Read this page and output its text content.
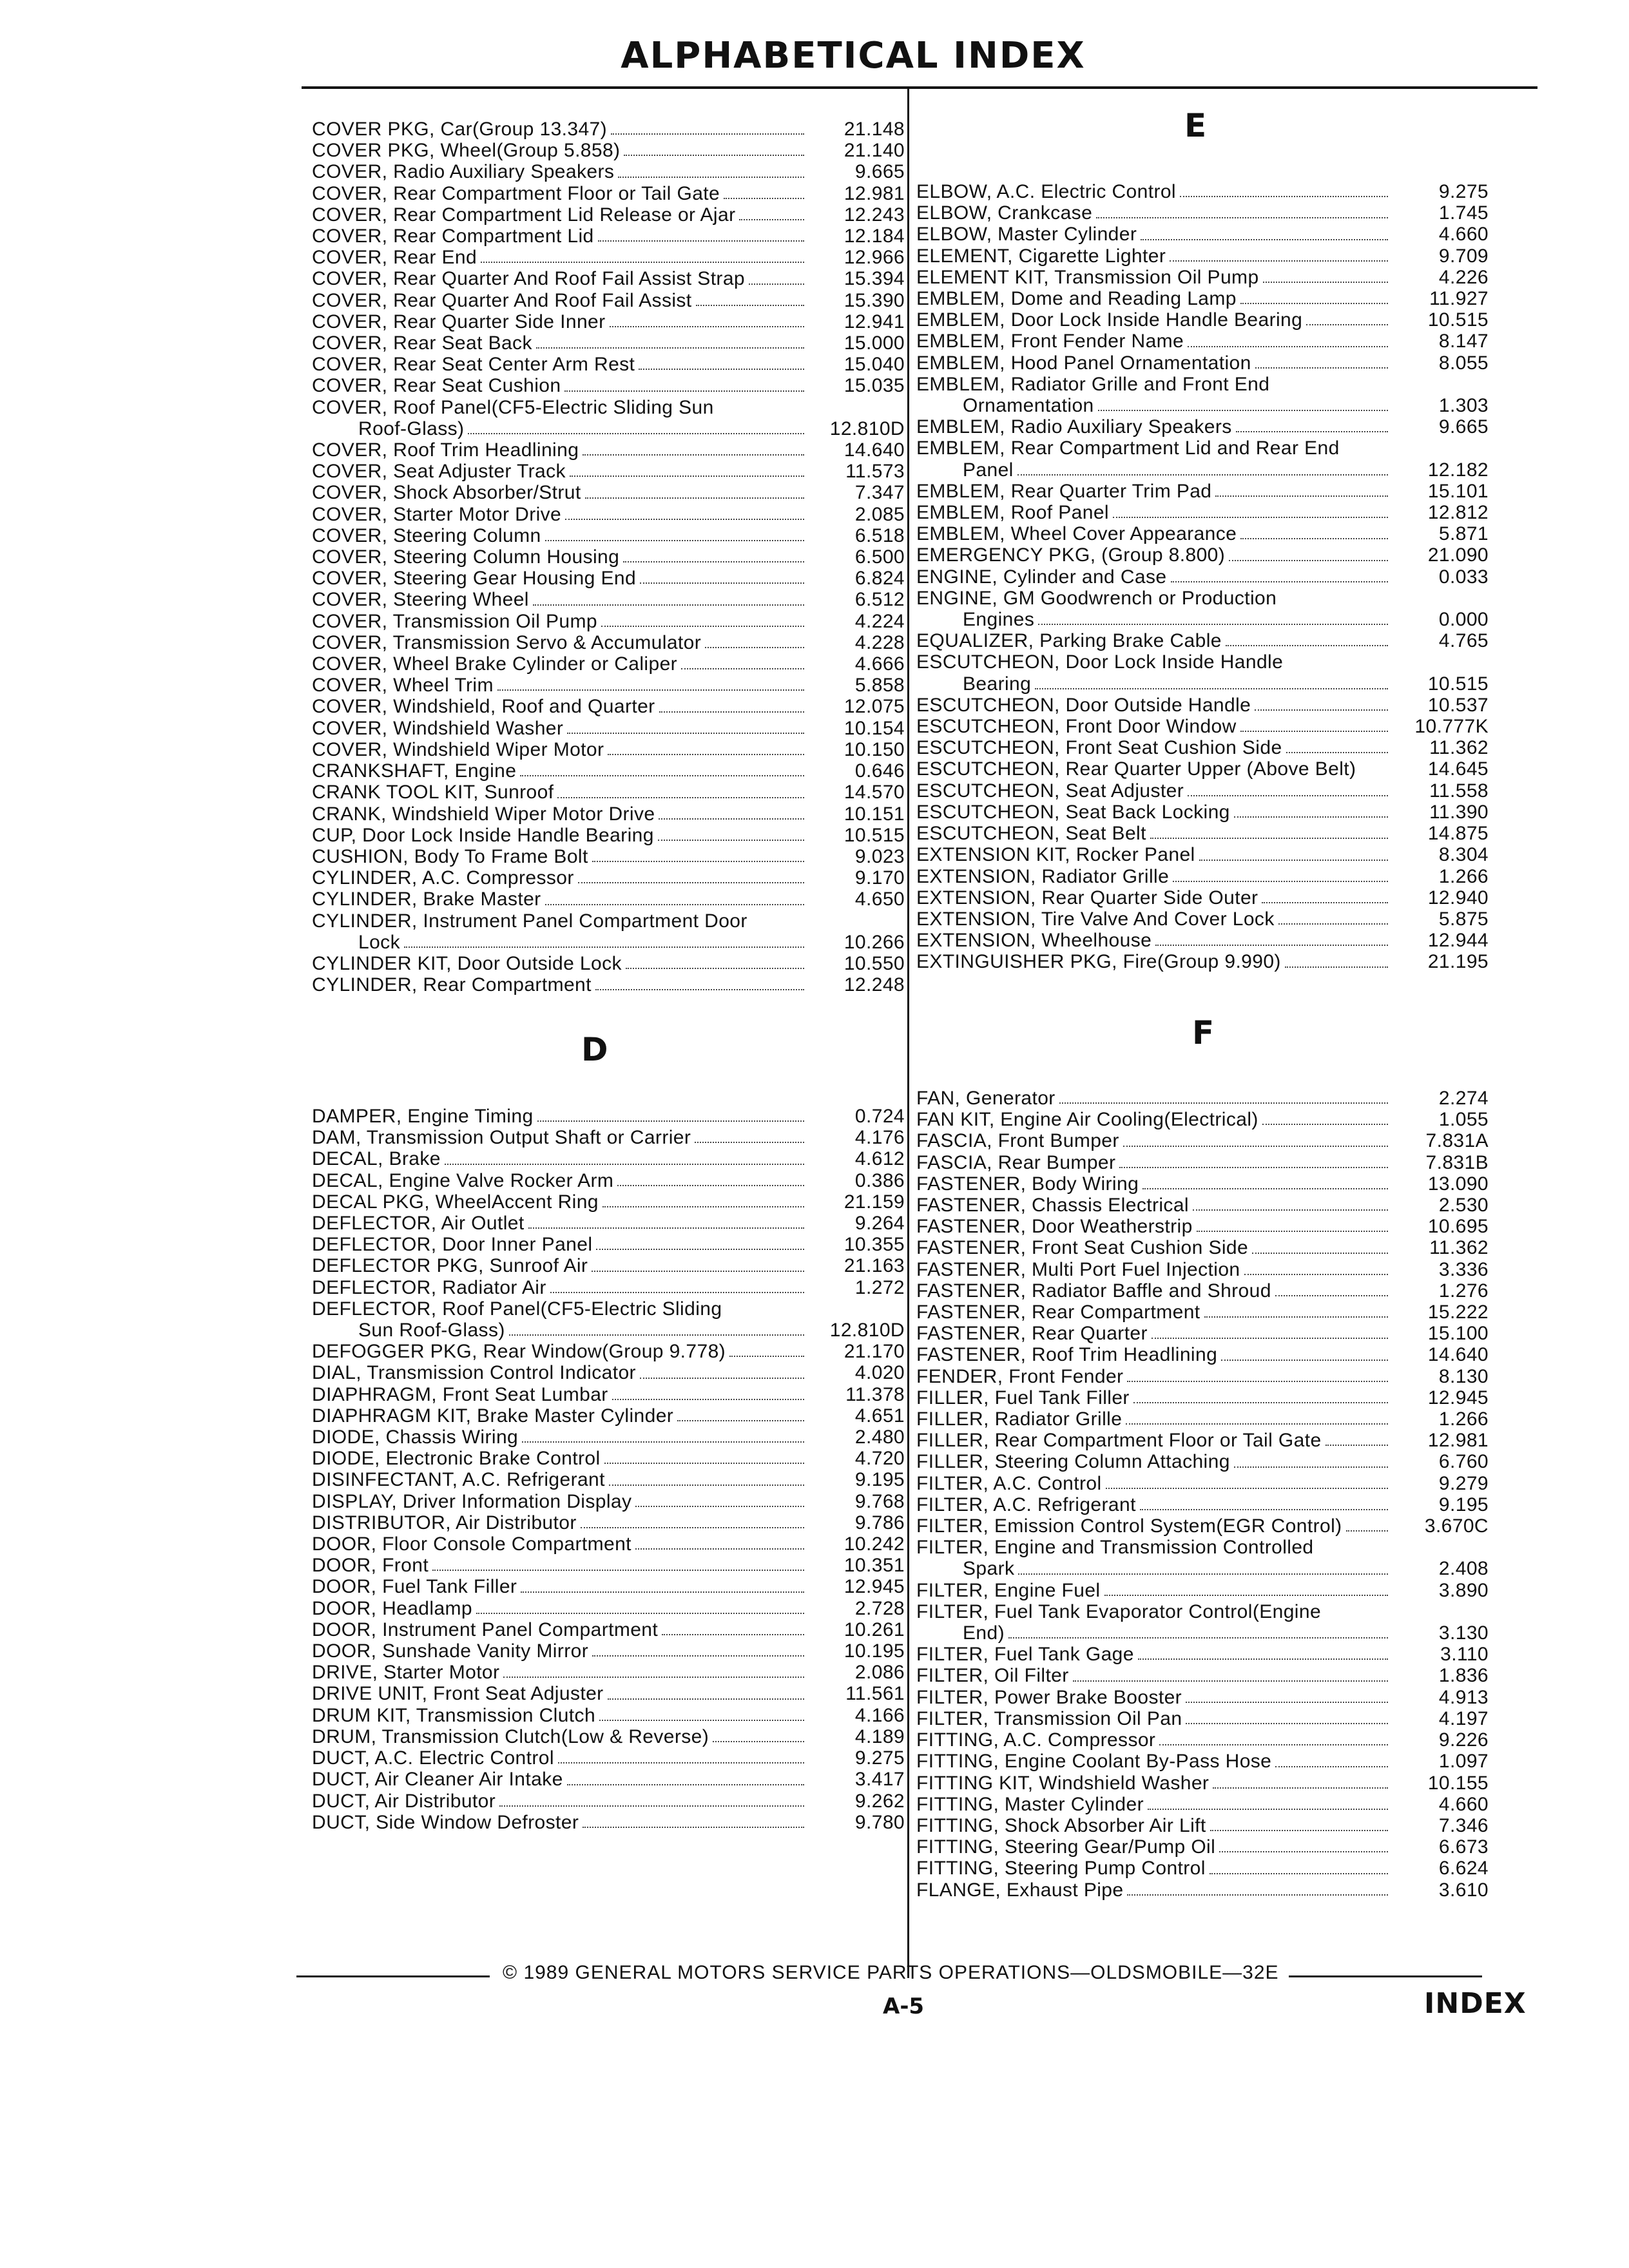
ALPHABETICAL INDEX
COVER PKG, Car(Group 13.347)	21.148
COVER PKG, Wheel(Group 5.858)	21.140
COVER, Radio Auxiliary Speakers	9.665
COVER, Rear Compartment Floor or Tail Gate	12.981
COVER, Rear Compartment Lid Release or Ajar	12.243
COVER, Rear Compartment Lid	12.184
COVER, Rear End	12.966
COVER, Rear Quarter And Roof Fail Assist Strap	15.394
COVER, Rear Quarter And Roof Fail Assist	15.390
COVER, Rear Quarter Side Inner	12.941
COVER, Rear Seat Back	15.000
COVER, Rear Seat Center Arm Rest	15.040
COVER, Rear Seat Cushion	15.035
COVER, Roof Panel(CF5-Electric Sliding Sun
Roof-Glass)	12.810D
COVER, Roof Trim Headlining	14.640
COVER, Seat Adjuster Track	11.573
COVER, Shock Absorber/Strut	7.347
COVER, Starter Motor Drive	2.085
COVER, Steering Column	6.518
COVER, Steering Column Housing	6.500
COVER, Steering Gear Housing End	6.824
COVER, Steering Wheel	6.512
COVER, Transmission Oil Pump	4.224
COVER, Transmission Servo & Accumulator	4.228
COVER, Wheel Brake Cylinder or Caliper	4.666
COVER, Wheel Trim	5.858
COVER, Windshield, Roof and Quarter	12.075
COVER, Windshield Washer	10.154
COVER, Windshield Wiper Motor	10.150
CRANKSHAFT, Engine	0.646
CRANK TOOL KIT, Sunroof	14.570
CRANK, Windshield Wiper Motor Drive	10.151
CUP, Door Lock Inside Handle Bearing	10.515
CUSHION, Body To Frame Bolt	9.023
CYLINDER, A.C. Compressor	9.170
CYLINDER, Brake Master	4.650
CYLINDER, Instrument Panel Compartment Door
Lock	10.266
CYLINDER KIT, Door Outside Lock	10.550
CYLINDER, Rear Compartment	12.248
D
DAMPER, Engine Timing	0.724
DAM, Transmission Output Shaft or Carrier	4.176
DECAL, Brake	4.612
DECAL, Engine Valve Rocker Arm	0.386
DECAL PKG, WheelAccent Ring	21.159
DEFLECTOR, Air Outlet	9.264
DEFLECTOR, Door Inner Panel	10.355
DEFLECTOR PKG, Sunroof Air	21.163
DEFLECTOR, Radiator Air	1.272
DEFLECTOR, Roof Panel(CF5-Electric Sliding
Sun Roof-Glass)	12.810D
DEFOGGER PKG, Rear Window(Group 9.778)	21.170
DIAL, Transmission Control Indicator	4.020
DIAPHRAGM, Front Seat Lumbar	11.378
DIAPHRAGM KIT, Brake Master Cylinder	4.651
DIODE, Chassis Wiring	2.480
DIODE, Electronic Brake Control	4.720
DISINFECTANT, A.C. Refrigerant	9.195
DISPLAY, Driver Information Display	9.768
DISTRIBUTOR, Air Distributor	9.786
DOOR, Floor Console Compartment	10.242
DOOR, Front	10.351
DOOR, Fuel Tank Filler	12.945
DOOR, Headlamp	2.728
DOOR, Instrument Panel Compartment	10.261
DOOR, Sunshade Vanity Mirror	10.195
DRIVE, Starter Motor	2.086
DRIVE UNIT, Front Seat Adjuster	11.561
DRUM KIT, Transmission Clutch	4.166
DRUM, Transmission Clutch(Low & Reverse)	4.189
DUCT, A.C. Electric Control	9.275
DUCT, Air Cleaner Air Intake	3.417
DUCT, Air Distributor	9.262
DUCT, Side Window Defroster	9.780
E
ELBOW, A.C. Electric Control	9.275
ELBOW, Crankcase	1.745
ELBOW, Master Cylinder	4.660
ELEMENT, Cigarette Lighter	9.709
ELEMENT KIT, Transmission Oil Pump	4.226
EMBLEM, Dome and Reading Lamp	11.927
EMBLEM, Door Lock Inside Handle Bearing	10.515
EMBLEM, Front Fender Name	8.147
EMBLEM, Hood Panel Ornamentation	8.055
EMBLEM, Radiator Grille and Front End
Ornamentation	1.303
EMBLEM, Radio Auxiliary Speakers	9.665
EMBLEM, Rear Compartment Lid and Rear End
Panel	12.182
EMBLEM, Rear Quarter Trim Pad	15.101
EMBLEM, Roof Panel	12.812
EMBLEM, Wheel Cover Appearance	5.871
EMERGENCY PKG, (Group 8.800)	21.090
ENGINE, Cylinder and Case	0.033
ENGINE, GM Goodwrench or Production
Engines	0.000
EQUALIZER, Parking Brake Cable	4.765
ESCUTCHEON, Door Lock Inside Handle
Bearing	10.515
ESCUTCHEON, Door Outside Handle	10.537
ESCUTCHEON, Front Door Window	10.777K
ESCUTCHEON, Front Seat Cushion Side	11.362
ESCUTCHEON, Rear Quarter Upper (Above Belt)	14.645
ESCUTCHEON, Seat Adjuster	11.558
ESCUTCHEON, Seat Back Locking	11.390
ESCUTCHEON, Seat Belt	14.875
EXTENSION KIT, Rocker Panel	8.304
EXTENSION, Radiator Grille	1.266
EXTENSION, Rear Quarter Side Outer	12.940
EXTENSION, Tire Valve And Cover Lock	5.875
EXTENSION, Wheelhouse	12.944
EXTINGUISHER PKG, Fire(Group 9.990)	21.195
F
FAN, Generator	2.274
FAN KIT, Engine Air Cooling(Electrical)	1.055
FASCIA, Front Bumper	7.831A
FASCIA, Rear Bumper	7.831B
FASTENER, Body Wiring	13.090
FASTENER, Chassis Electrical	2.530
FASTENER, Door Weatherstrip	10.695
FASTENER, Front Seat Cushion Side	11.362
FASTENER, Multi Port Fuel Injection	3.336
FASTENER, Radiator Baffle and Shroud	1.276
FASTENER, Rear Compartment	15.222
FASTENER, Rear Quarter	15.100
FASTENER, Roof Trim Headlining	14.640
FENDER, Front Fender	8.130
FILLER, Fuel Tank Filler	12.945
FILLER, Radiator Grille	1.266
FILLER, Rear Compartment Floor or Tail Gate	12.981
FILLER, Steering Column Attaching	6.760
FILTER, A.C. Control	9.279
FILTER, A.C. Refrigerant	9.195
FILTER, Emission Control System(EGR Control)	3.670C
FILTER, Engine and Transmission Controlled
Spark	2.408
FILTER, Engine Fuel	3.890
FILTER, Fuel Tank Evaporator Control(Engine
End)	3.130
FILTER, Fuel Tank Gage	3.110
FILTER, Oil Filter	1.836
FILTER, Power Brake Booster	4.913
FILTER, Transmission Oil Pan	4.197
FITTING, A.C. Compressor	9.226
FITTING, Engine Coolant By-Pass Hose	1.097
FITTING KIT, Windshield Washer	10.155
FITTING, Master Cylinder	4.660
FITTING, Shock Absorber Air Lift	7.346
FITTING, Steering Gear/Pump Oil	6.673
FITTING, Steering Pump Control	6.624
FLANGE, Exhaust Pipe	3.610
© 1989 GENERAL MOTORS SERVICE PARTS OPERATIONS—OLDSMOBILE—32E
A-5	INDEX
